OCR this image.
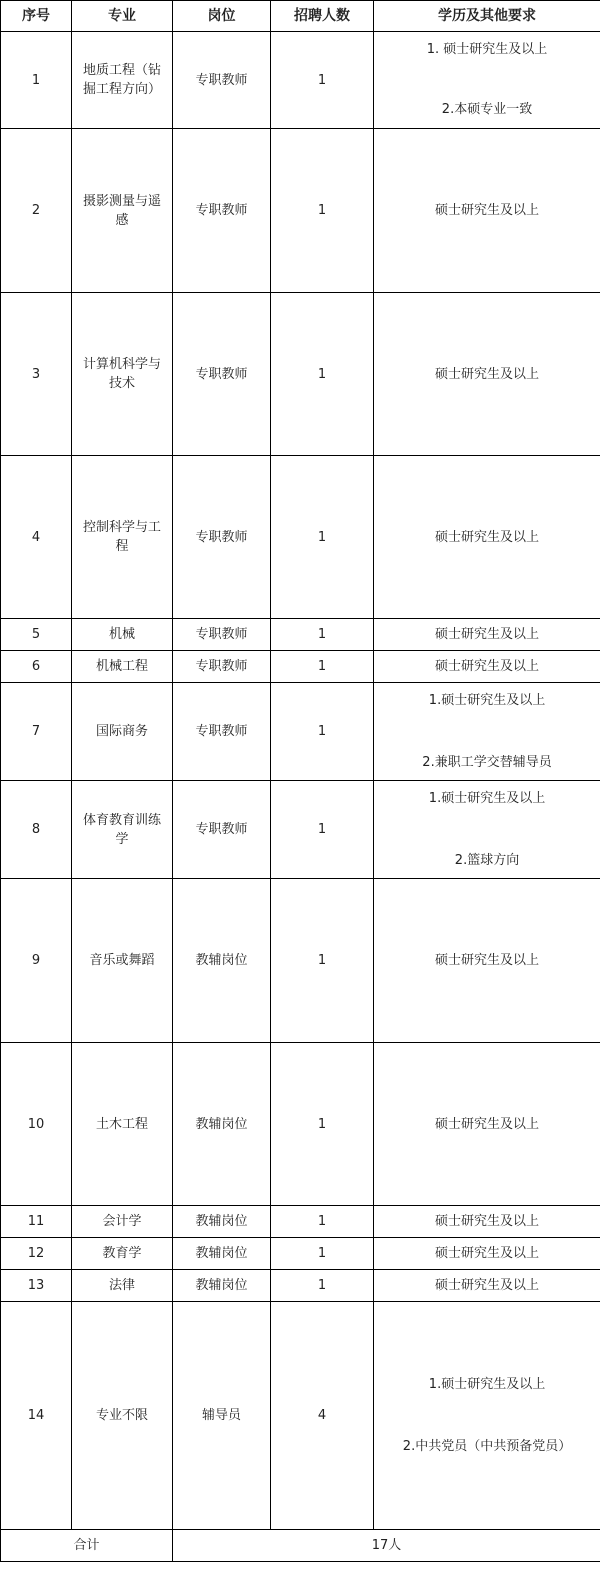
序号	专业	岗位	招聘人数	学历及其他要求
1	地质工程（钻掘工程方向）	专职教师	1	1. 硕士研究生及以上
2.本硕专业一致

2	摄影测量与遥感	专职教师	1	硕士研究生及以上
3	计算机科学与技术	专职教师	1	硕士研究生及以上
4	控制科学与工程	专职教师	1	硕士研究生及以上
5	机械	专职教师	1	硕士研究生及以上
6	机械工程	专职教师	1	硕士研究生及以上
7	国际商务	专职教师	1	1.硕士研究生及以上
2.兼职工学交替辅导员

8	体育教育训练学	专职教师	1	1.硕士研究生及以上
2.篮球方向

9	音乐或舞蹈	教辅岗位	1	硕士研究生及以上
10	土木工程	教辅岗位	1	硕士研究生及以上
11	会计学	教辅岗位	1	硕士研究生及以上
12	教育学	教辅岗位	1	硕士研究生及以上
13	法律	教辅岗位	1	硕士研究生及以上
14	专业不限	辅导员	4	1.硕士研究生及以上
2.中共党员（中共预备党员）

合计		17人		
